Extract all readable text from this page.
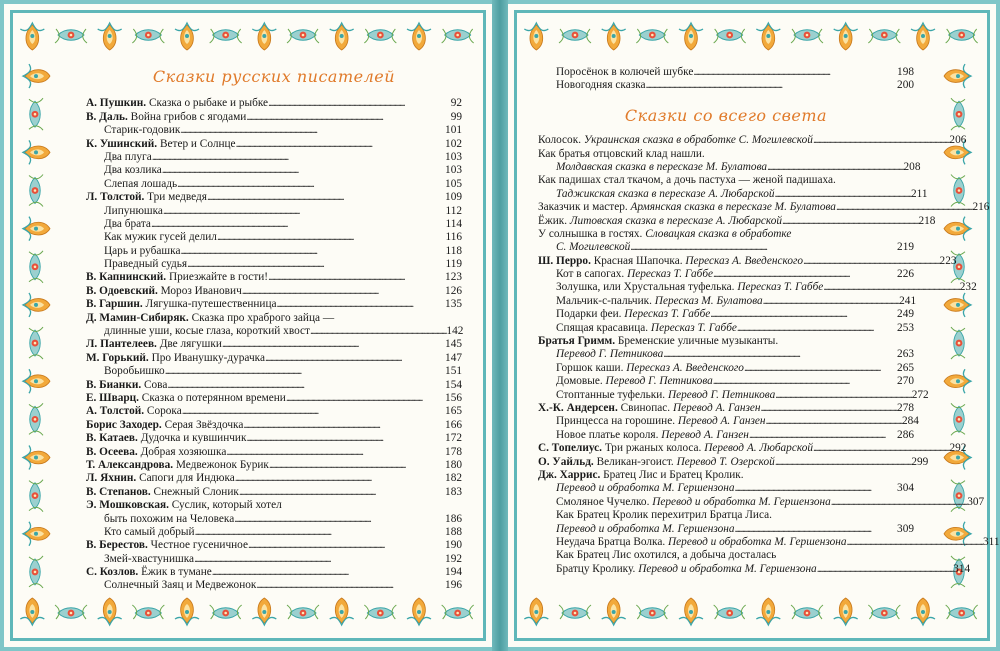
Сказки русских писателей
А. Пушкин. Сказка о рыбаке и рыбке . . .	92
В. Даль. Война грибов с ягодами . . .	99
Старик-годовик . . .	101
К. Ушинский. Ветер и Солнце . . .	102
Два плуга . . .	103
Два козлика . . .	103
Слепая лошадь . . .	105
Л. Толстой. Три медведя . . .	109
Липунюшка . . .	112
Два брата . . .	114
Как мужик гусей делил . . .	116
Царь и рубашка . . .	118
Праведный судья . . .	119
В. Капнинский. Приезжайте в гости! . . .	123
В. Одоевский. Мороз Иванович . . .	126
В. Гаршин. Лягушка-путешественница . . .	135
Д. Мамин-Сибиряк. Сказка про храброго зайца —
длинные уши, косые глаза, короткий хвост . . .	142
Л. Пантелеев. Две лягушки . . .	145
М. Горький. Про Иванушку-дурачка . . .	147
Воробьишко . . .	151
В. Бианки. Сова . . .	154
Е. Шварц. Сказка о потерянном времени . . .	156
А. Толстой. Сорока . . .	165
Борис Заходер. Серая Звёздочка . . .	166
В. Катаев. Дудочка и кувшинчик . . .	172
В. Осеева. Добрая хозяюшка . . .	178
Т. Александрова. Медвежонок Бурик . . .	180
Л. Яхнин. Сапоги для Индюка . . .	182
В. Степанов. Снежный Слоник . . .	183
Э. Мошковская. Суслик, который хотел
быть похожим на Человека . . .	186
Кто самый добрый . . .	188
В. Берестов. Честное гусеничное . . .	190
Змей-хвастунишка . . .	192
С. Козлов. Ёжик в тумане . . .	194
Солнечный Заяц и Медвежонок . . .	196
Поросёнок в колючей шубке . . .	198
Новогодняя сказка . . .	200
Сказки со всего света
Колосок. Украинская сказка в обработке С. Могилевской . . .	206
Как братья отцовский клад нашли.
Молдавская сказка в пересказе М. Булатова . . .	208
Как падишах стал ткачом, а дочь пастуха — женой падишаха.
Таджикская сказка в пересказе А. Любарской . . .	211
Заказчик и мастер. Армянская сказка в пересказе М. Булатова . . .	216
Ёжик. Литовская сказка в пересказе А. Любарской . . .	218
У солнышка в гостях. Словацкая сказка в обработке
С. Могилевской . . .	219
Ш. Перро. Красная Шапочка. Пересказ А. Введенского . . .	223
Кот в сапогах. Пересказ Т. Габбе . . .	226
Золушка, или Хрустальная туфелька. Пересказ Т. Габбе . . .	232
Мальчик-с-пальчик. Пересказ М. Булатова . . .	241
Подарки феи. Пересказ Т. Габбе . . .	249
Спящая красавица. Пересказ Т. Габбе . . .	253
Братья Гримм. Бременские уличные музыканты.
Перевод Г. Петникова . . .	263
Горшок каши. Пересказ А. Введенского . . .	265
Домовые. Перевод Г. Петникова . . .	270
Стоптанные туфельки. Перевод Г. Петникова . . .	272
Х.-К. Андерсен. Свинопас. Перевод А. Ганзен . . .	278
Принцесса на горошине. Перевод А. Ганзен . . .	284
Новое платье короля. Перевод А. Ганзен . . .	286
С. Топелиус. Три ржаных колоса. Перевод А. Любарской . . .	292
О. Уайльд. Великан-эгоист. Перевод Т. Озерской . . .	299
Дж. Харрис. Братец Лис и Братец Кролик.
Перевод и обработка М. Гершензона . . .	304
Смоляное Чучелко. Перевод и обработка М. Гершензона . . .	307
Как Братец Кролик перехитрил Братца Лиса.
Перевод и обработка М. Гершензона . . .	309
Неудача Братца Волка. Перевод и обработка М. Гершензона . . .	311
Как Братец Лис охотился, а добыча досталась
Братцу Кролику. Перевод и обработка М. Гершензона . . .	314
